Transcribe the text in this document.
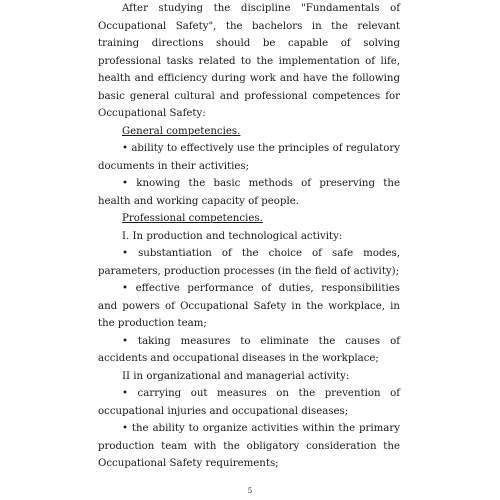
After studying the discipline "Fundamentals of Occupational Safety", the bachelors in the relevant training directions should be capable of solving professional tasks related to the implementation of life, health and efficiency during work and have the following basic general cultural and professional competences for Occupational Safety:

General competencies.

• ability to effectively use the principles of regulatory documents in their activities;

• knowing the basic methods of preserving the health and working capacity of people.

Professional competencies.

I. In production and technological activity:

• substantiation of the choice of safe modes, parameters, production processes (in the field of activity);

• effective performance of duties, responsibilities and powers of Occupational Safety in the workplace, in the production team;

• taking measures to eliminate the causes of accidents and occupational diseases in the workplace;

II in organizational and managerial activity:

• carrying out measures on the prevention of occupational injuries and occupational diseases;

• the ability to organize activities within the primary production team with the obligatory consideration the Occupational Safety requirements;

5
